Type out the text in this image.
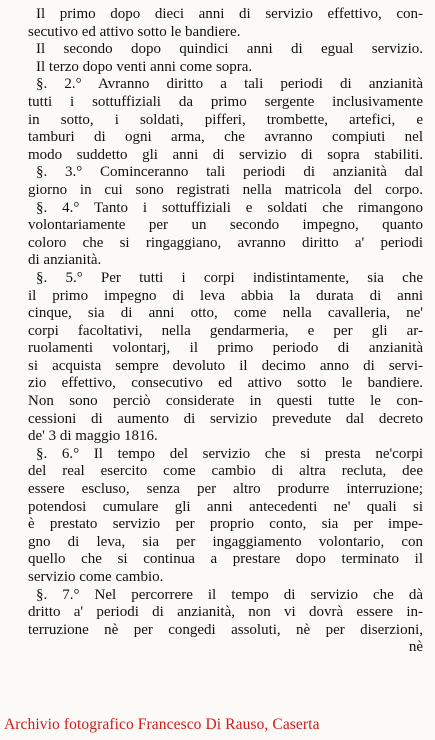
Il primo dopo dieci anni di servizio effettivo, con-
secutivo ed attivo sotto le bandiere.
Il secondo dopo quindici anni di egual servizio.
Il terzo dopo venti anni come sopra.
§. 2.° Avranno diritto a tali periodi di anzianità
tutti i sottuffiziali da primo sergente inclusivamente
in sotto, i soldati, pifferi, trombette, artefici, e
tamburi di ogni arma, che avranno compiuti nel
modo suddetto gli anni di servizio di sopra stabiliti.
§. 3.° Cominceranno tali periodi di anzianità dal
giorno in cui sono registrati nella matricola del corpo.
§. 4.° Tanto i sottuffiziali e soldati che rimangono
volontariamente per un secondo impegno, quanto
coloro che si ringaggiano, avranno diritto a' periodi
di anzianità.
§. 5.° Per tutti i corpi indistintamente, sia che
il primo impegno di leva abbia la durata di anni
cinque, sia di anni otto, come nella cavalleria, ne'
corpi facoltativi, nella gendarmeria, e per gli ar-
ruolamenti volontarj, il primo periodo di anzianità
si acquista sempre devoluto il decimo anno di servi-
zio effettivo, consecutivo ed attivo sotto le bandiere.
Non sono perciò considerate in questi tutte le con-
cessioni di aumento di servizio prevedute dal decreto
de' 3 di maggio 1816.
§. 6.° Il tempo del servizio che si presta ne'corpi
del real esercito come cambio di altra recluta, dee
essere escluso, senza per altro produrre interruzione;
potendosi cumulare gli anni antecedenti ne' quali si
è prestato servizio per proprio conto, sia per impe-
gno di leva, sia per ingaggiamento volontario, con
quello che si continua a prestare dopo terminato il
servizio come cambio.
§. 7.° Nel percorrere il tempo di servizio che dà
dritto a' periodi di anzianità, non vi dovrà essere in-
terruzione nè per congedi assoluti, nè per diserzioni,
nè
Archivio fotografico Francesco Di Rauso, Caserta
